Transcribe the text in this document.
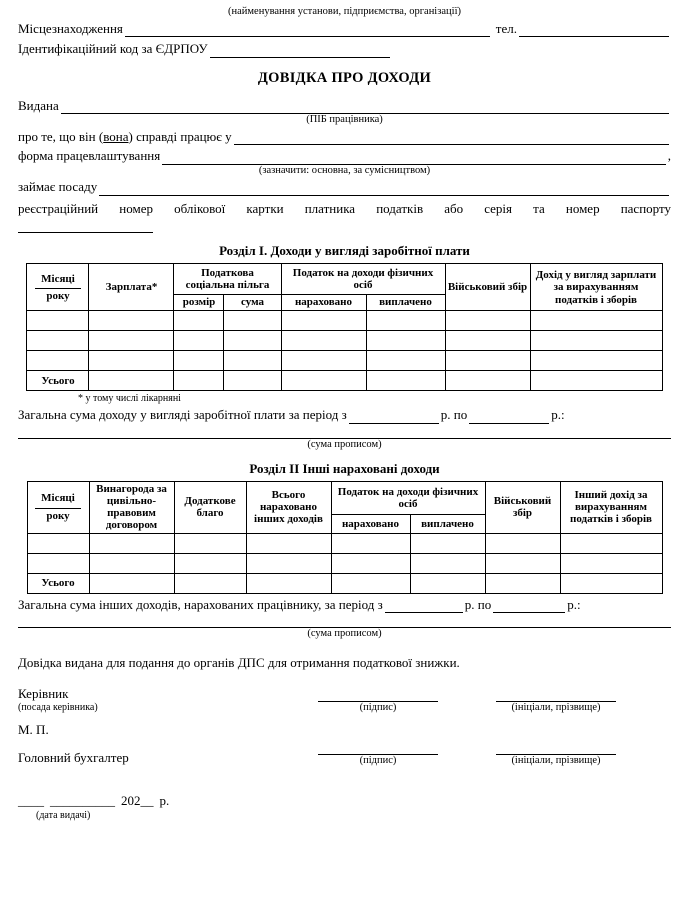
(найменування установи, підприємства, організації)
Місцезнаходження	тел.
Ідентифікаційний код за ЄДРПОУ
ДОВІДКА ПРО ДОХОДИ
Видана
(ПІБ працівника)
про те, що він (вона) справді працює у
форма працевлаштування	,
(зазначити: основна, за сумісництвом)
займає посаду
реєстраційний номер облікової картки платника податків або серія та номер паспорту
Розділ І. Доходи у вигляді заробітної плати
Місяці
року	Зарплата*	Податкова соціальна пільга		Податок на доходи фізичних осіб		Військовий збір	Дохід у вигляд зарплати за вирахуванням податків і зборів
		розмір	сума	нараховано	виплачено		

Усього							
* у тому числі лікарняні
Загальна сума доходу у вигляді заробітної плати за період з	р. по	р.:
(сума прописом)
Розділ ІІ Інші нараховані доходи
Місяці
року	Винагорода за цивільно-правовим договором	Додаткове благо	Всього нараховано інших доходів	Податок на доходи фізичних осіб		Військовий збір	Інший дохід за вирахуванням податків і зборів
				нараховано	виплачено		

Усього							
Загальна сума інших доходів, нарахованих працівнику, за період з	р. по	р.:
(сума прописом)
Довідка видана для подання до органів ДПС для отримання податкової знижки.
Керівник
(посада керівника)	(підпис)	(ініціали, прізвище)
М. П.
Головний бухгалтер	(підпис)	(ініціали, прізвище)
____ __________ 202 __ р.
(дата видачі)
